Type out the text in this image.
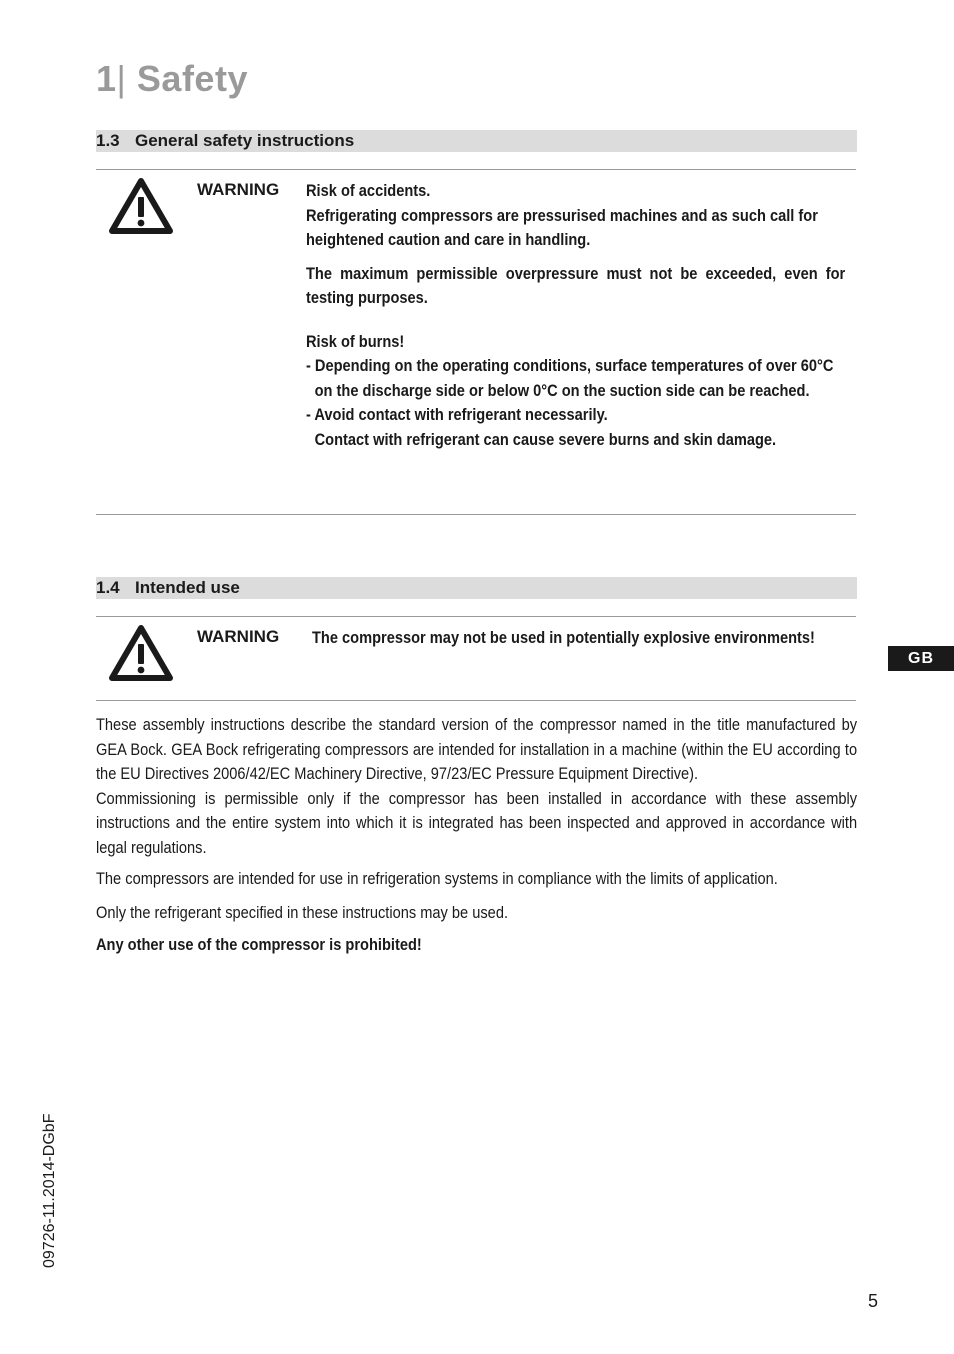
1| Safety
1.3 General safety instructions
WARNING Risk of accidents.

Refrigerating compressors are pressurised machines and as such call for heightened caution and care in handling.

The maximum permissible overpressure must not be exceeded, even for testing purposes.

Risk of burns!

- Depending on the operating conditions, surface temperatures of over 60°C on the discharge side or below 0°C on the suction side can be reached.

- Avoid contact with refrigerant necessarily.

Contact with refrigerant can cause severe burns and skin damage.

1.4 Intended use
WARNING The compressor may not be used in potentially explosive environments!

These assembly instructions describe the standard version of the compressor named in the title manufactured by GEA Bock. GEA Bock refrigerating compressors are intended for installation in a machine (within the EU according to the EU Directives 2006/42/EC Machinery Directive, 97/23/EC Pressure Equipment Directive).

Commissioning is permissible only if the compressor has been installed in accordance with these assembly instructions and the entire system into which it is integrated has been inspected and approved in accordance with legal regulations.

The compressors are intended for use in refrigeration systems in compliance with the limits of application.

Only the refrigerant specified in these instructions may be used.

Any other use of the compressor is prohibited!

GB
09726-11.2014-DGbF
5
